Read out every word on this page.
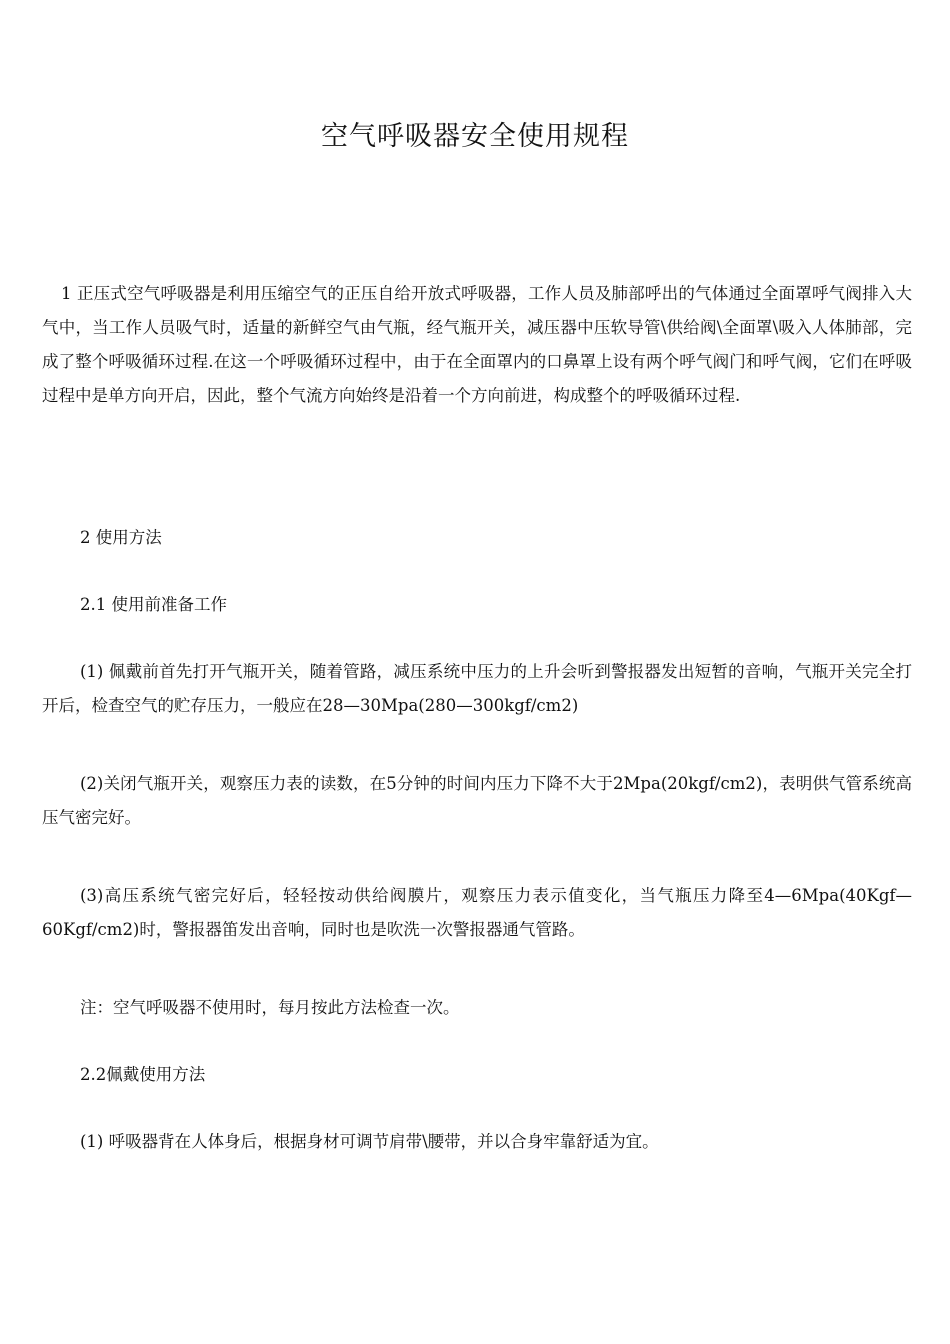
空气呼吸器安全使用规程

1 正压式空气呼吸器是利用压缩空气的正压自给开放式呼吸器，工作人员及肺部呼出的气体通过全面罩呼气阀排入大气中，当工作人员吸气时，适量的新鲜空气由气瓶，经气瓶开关，减压器中压软导管\供给阀\全面罩\吸入人体肺部，完成了整个呼吸循环过程.在这一个呼吸循环过程中，由于在全面罩内的口鼻罩上设有两个呼气阀门和呼气阀，它们在呼吸过程中是单方向开启，因此，整个气流方向始终是沿着一个方向前进，构成整个的呼吸循环过程.

2 使用方法

2.1 使用前准备工作

(1) 佩戴前首先打开气瓶开关，随着管路，减压系统中压力的上升会听到警报器发出短暂的音响，气瓶开关完全打开后，检查空气的贮存压力，一般应在28—30Mpa(280—300kgf/cm2)

(2)关闭气瓶开关，观察压力表的读数，在5分钟的时间内压力下降不大于2Mpa(20kgf/cm2)，表明供气管系统高压气密完好。

(3)高压系统气密完好后，轻轻按动供给阀膜片，观察压力表示值变化，当气瓶压力降至4—6Mpa(40Kgf—60Kgf/cm2)时，警报器笛发出音响，同时也是吹洗一次警报器通气管路。

注：空气呼吸器不使用时，每月按此方法检查一次。

2.2佩戴使用方法

(1) 呼吸器背在人体身后，根据身材可调节肩带\腰带，并以合身牢靠舒适为宜。
